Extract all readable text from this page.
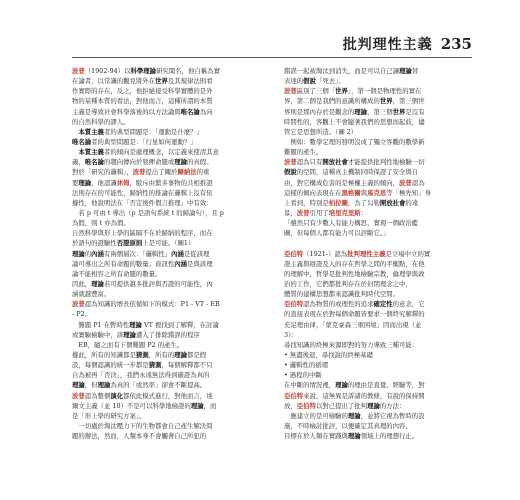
批判理性主義 235
波普（1902-94）以科學理論研究聞名，他自稱為實
在論者，以常識的觀見將外在世界及其規律法則看
作實際的存在，反之，他拒絕接受科學實體的是外
物的某種本質的看法，對他而言，這種所謂的本質
主義是導致社會科學落後的以方法論與唯名論為向
的自然科學的謬人。
　本質主義者的典型問題是：「運動是什麼？」
唯名論者的典型問題是：「行星如何運動？」
　本質主義者的傾向是處理概念，以定義來使清其意
義，唯名論的趨向傳向於發揮命題或理論的真假。
對於「研究的邏輯」，波普提出了關於歸納法的重
要理論，他認識休姆，駁斥由繁多事物的共相推證
法則存在的可能性，歸納性的推論在邏輯上沒有依
據性，他說明法在「否定後件假言推理」中有效：
　若 p 可由 t 導出（p 是語句系統 t 的歸論句），且 p
為假，則 t 亦為假。
自然科學與形上學的區隔不在於歸納的程序，而在
於語句的證驗性否證原則上是可能。（圖1）
理論的內涵有兩個層次：「邏輯性」內涵是從該理
論可導出之所有命題的數量；資訊性內涵是與該理
論不能相容之所有命題的數量。
因此，理論若可提供越多批評與否證的可能性，內
涵就越豐富。
波普認為知識的增長依循如下的模式：P1 - VT - EB
- P2。
　難題 P1 在暫時性理論 VT 裡找到了解釋，在討論
或實驗檢驗中，該理論遭入了排除錯誤的程序
　EB，隨之而有下個難題 P2 的產生。
據此，所有的知識都是猜測，所有的理論都是假
設，每個認識的統一步都是猜測，每個解釋都不只
自為被再「否決」，我們永遠無法得到確證為真的
理論，但理論為真的「或然率」卻會不斷提高。
波普認為整個演化都依此模式進行，對他而言，達
爾文主義（並 10）不是可以科學地檢證的理論，而
是「形上學的研究方案」。
　一切處於淘汰壓力下的生物都會自己產生解決問
題的辦法，然而，人類本身不會觸著自己所犯的
錯誤一起被淘汰到消失，而是可以自己讓理論替
表達的假說「死去」。
波普區別了三個「世界」，第一個是物理性的實在
界，第二個是我們的意識所構成的世界，第三個世
界則是那內存於是觀念的理論，第三個世界是沒有
時間性的，客觀上不會隨著我們的思想而起歧，儘
管它是思想所造。（圖 2）
　例如：數學定理的發明沒成了獨立客觀的數學新
難題的產生。
波普認為只有開放社會才能提供批判性地檢驗一切
假說的空間，這種真主機制同時保證了安全與自
由，對它構成危害的是極權主義的傾向，波普認為
這樣的傾向表現在在黑格爾與馬克思等「極先知」身
上看到，特別是柏拉圖，為了勾勒開放社會的遠
景，波普引用了培里克里斯：
「雖然只有少數人有能力構思，實現一個政治藍
圖，但每個人都有能力可以評斷它。」
亞伯特（1921-）認為批判理性主義是立場中立的實
證主義與辯證及入的存在哲學之間的平衡點，在他
的理解中，哲學是批判性地檢驗宗教，倫理學與政
治的工作，它們都批判存在於封閉理念之中，
體質的建構思想都來認識批判時代空間。
亞伯特認為物質的或理性的追求確定性的意念，它
的直接表現在於對每個命題皆要求一個終究解釋的
充足理由律，「蒙克豪森三重困境」因而出現（並
3）：
尋找知識的終極來源即對的努力導致三種可能：
• 無盡後退，尋找說的終極基礎
• 邏輯性的循環
• 過程的中斷
在中斷的情況裡，理論的理由是直覺、經驗等，對
亞伯特來說，這無異是訴諸的教條，有說的保持開
放，亞伯特以對已提出了批判理論的方法：
　應建立的是可檢驗的理論，並將它視為暫時的設
施，不時檢討批評，以便確定其真理的內容，
目標在於人類在實踐與理論領域上的理想行止。
